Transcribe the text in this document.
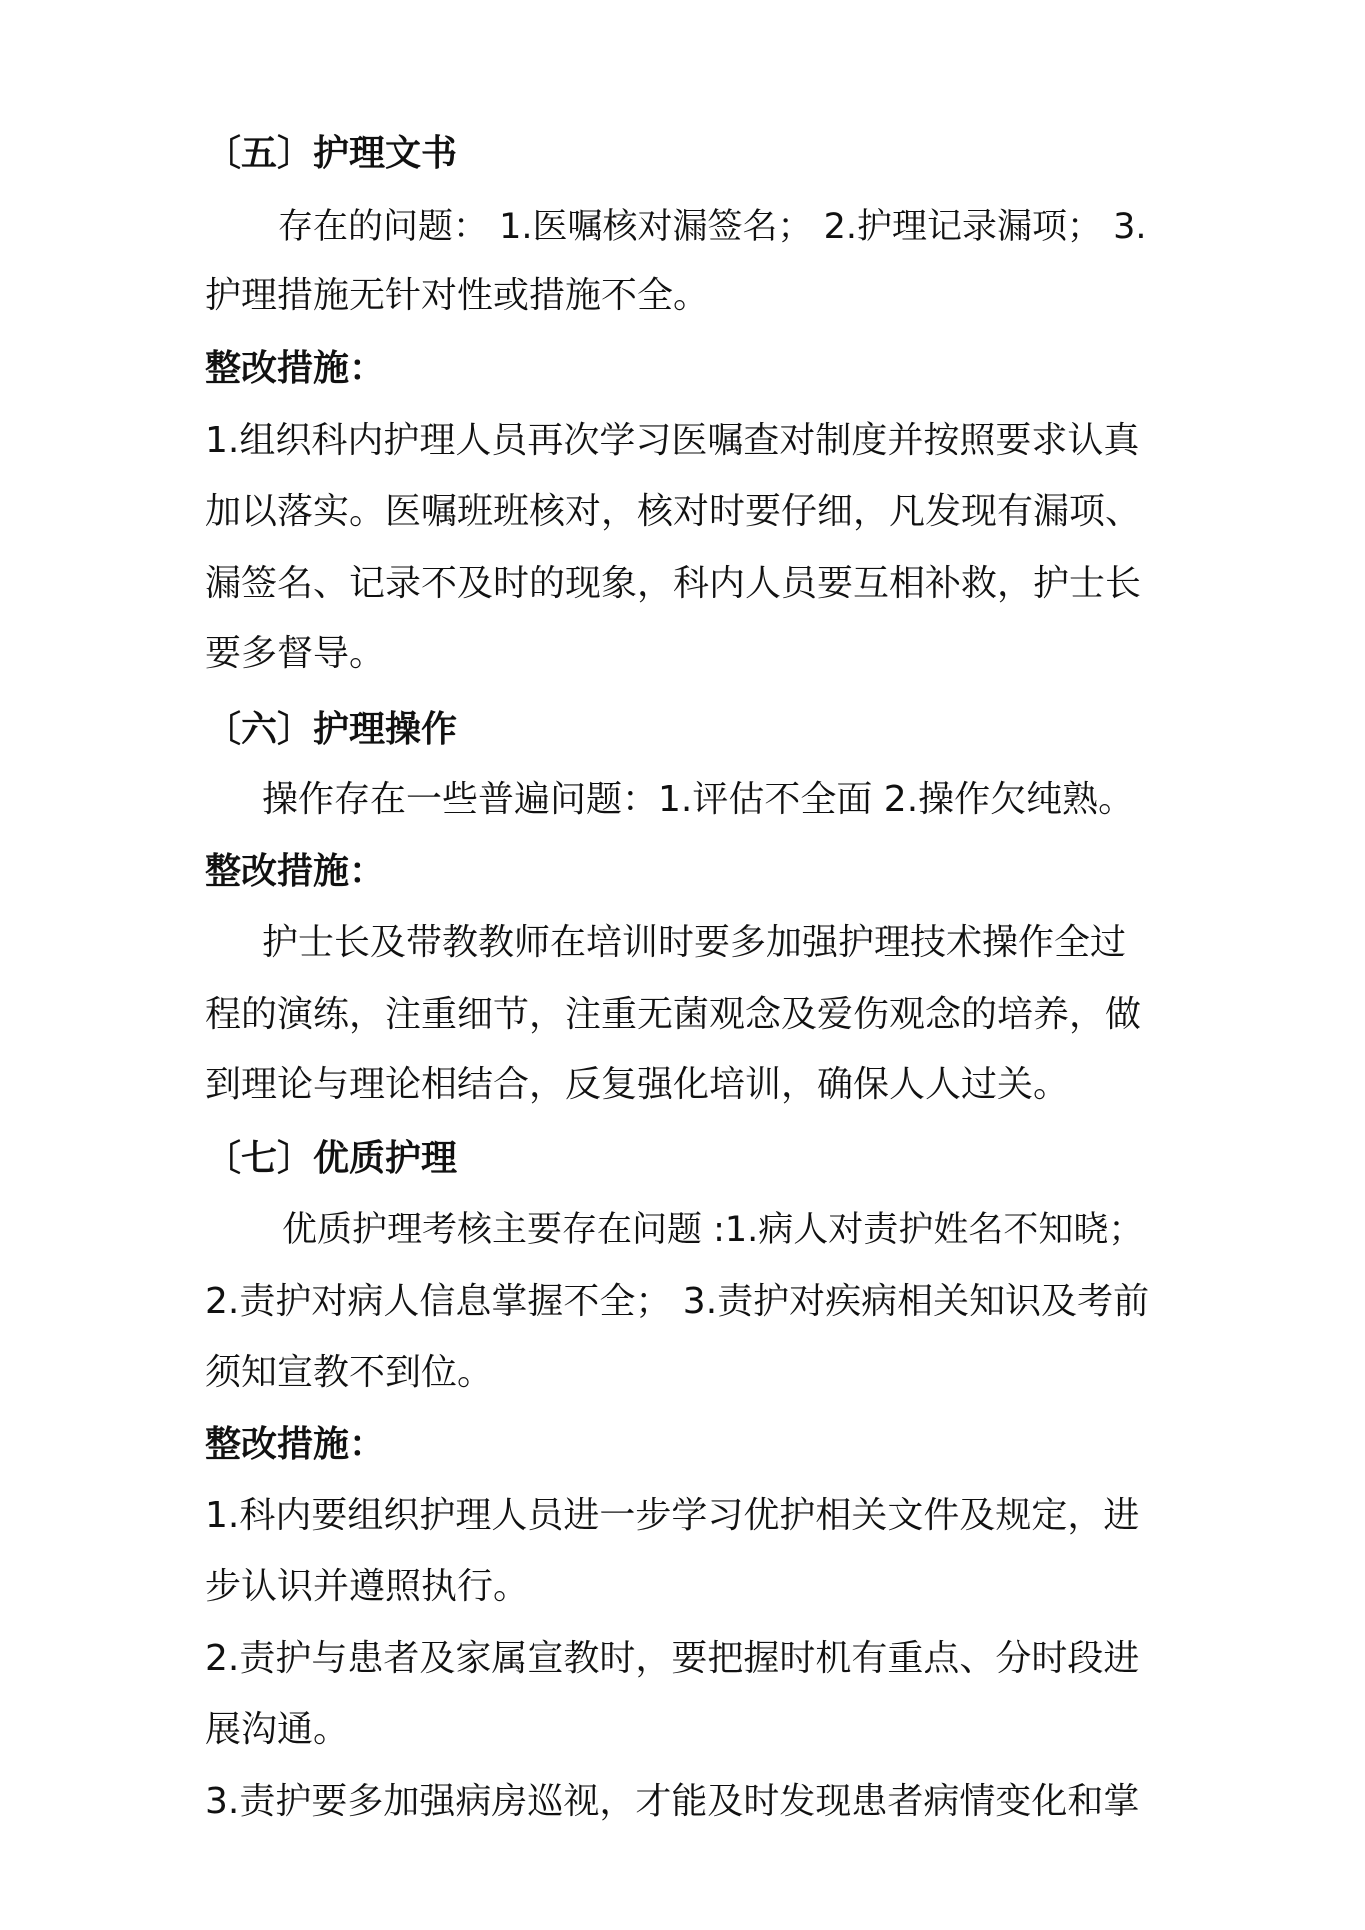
〔五〕护理文书
存在的问题： 1.医嘱核对漏签名； 2.护理记录漏项； 3.
护理措施无针对性或措施不全。
整改措施：
1.组织科内护理人员再次学习医嘱查对制度并按照要求认真
加以落实。医嘱班班核对，核对时要仔细，凡发现有漏项、
漏签名、记录不及时的现象，科内人员要互相补救，护士长
要多督导。
〔六〕护理操作
操作存在一些普遍问题：1.评估不全面 2.操作欠纯熟。
整改措施：
护士长及带教教师在培训时要多加强护理技术操作全过
程的演练，注重细节，注重无菌观念及爱伤观念的培养，做
到理论与理论相结合，反复强化培训，确保人人过关。
〔七〕优质护理
优质护理考核主要存在问题 :1.病人对责护姓名不知晓；
2.责护对病人信息掌握不全； 3.责护对疾病相关知识及考前
须知宣教不到位。
整改措施：
1.科内要组织护理人员进一步学习优护相关文件及规定，进
步认识并遵照执行。
2.责护与患者及家属宣教时，要把握时机有重点、分时段进
展沟通。
3.责护要多加强病房巡视，才能及时发现患者病情变化和掌
